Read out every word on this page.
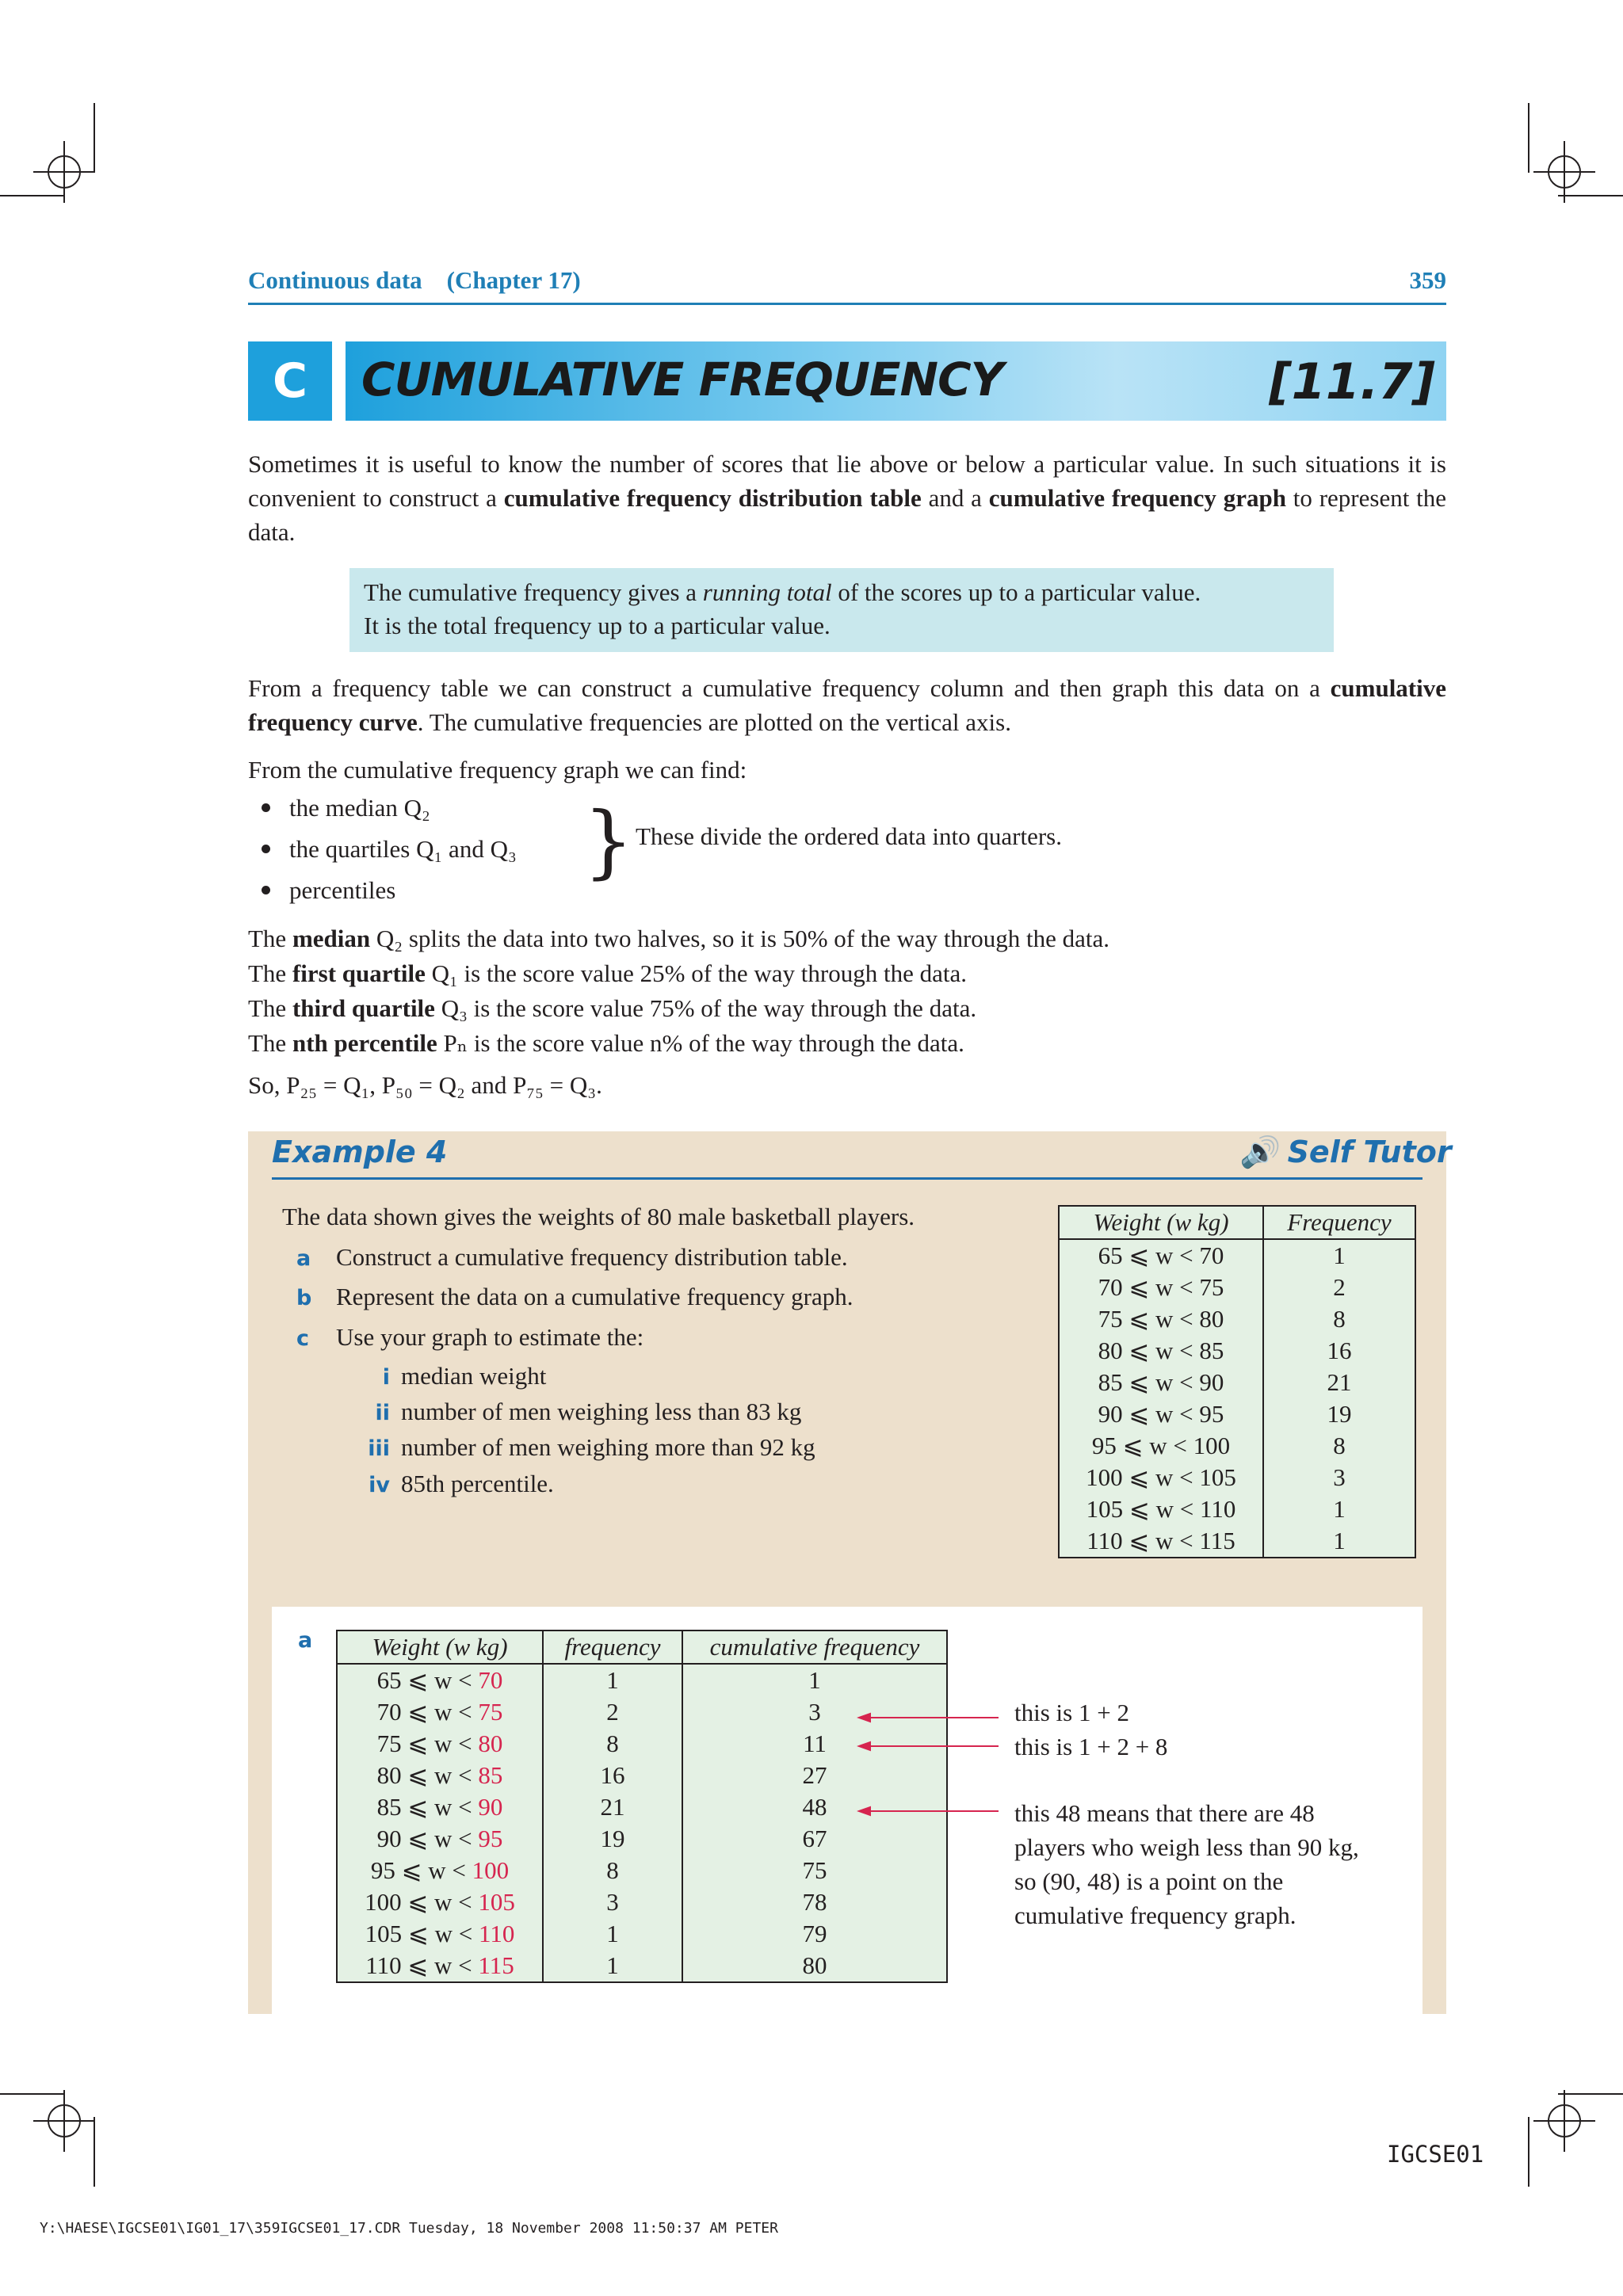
Continuous data    (Chapter 17)	359
C	CUMULATIVE FREQUENCY	[11.7]
Sometimes it is useful to know the number of scores that lie above or below a particular value. In such situations it is convenient to construct a cumulative frequency distribution table and a cumulative frequency graph to represent the data.
The cumulative frequency gives a running total of the scores up to a particular value.
It is the total frequency up to a particular value.
From a frequency table we can construct a cumulative frequency column and then graph this data on a cumulative frequency curve. The cumulative frequencies are plotted on the vertical axis.
From the cumulative frequency graph we can find:
the median Q₂
the quartiles Q₁ and Q₃
percentiles
} These divide the ordered data into quarters.
The median Q₂ splits the data into two halves, so it is 50% of the way through the data.
The first quartile Q₁ is the score value 25% of the way through the data.
The third quartile Q₃ is the score value 75% of the way through the data.
The nth percentile Pₙ is the score value n% of the way through the data.
So, P₂₅ = Q₁, P₅₀ = Q₂ and P₇₅ = Q₃.
Example 4	🔊 Self Tutor
The data shown gives the weights of 80 male basketball players.
a Construct a cumulative frequency distribution table.
b Represent the data on a cumulative frequency graph.
c Use your graph to estimate the:
i median weight
ii number of men weighing less than 83 kg
iii number of men weighing more than 92 kg
iv 85th percentile.
Weight (w kg)	Frequency
65 ⩽ w < 70	1
70 ⩽ w < 75	2
75 ⩽ w < 80	8
80 ⩽ w < 85	16
85 ⩽ w < 90	21
90 ⩽ w < 95	19
95 ⩽ w < 100	8
100 ⩽ w < 105	3
105 ⩽ w < 110	1
110 ⩽ w < 115	1
a Weight (w kg)	frequency	cumulative frequency
65 ⩽ w < 70	1	1
70 ⩽ w < 75	2	3
75 ⩽ w < 80	8	11
80 ⩽ w < 85	16	27
85 ⩽ w < 90	21	48
90 ⩽ w < 95	19	67
95 ⩽ w < 100	8	75
100 ⩽ w < 105	3	78
105 ⩽ w < 110	1	79
110 ⩽ w < 115	1	80
this is 1 + 2
this is 1 + 2 + 8
this 48 means that there are 48
players who weigh less than 90 kg,
so (90, 48) is a point on the
cumulative frequency graph.
IGCSE01
Y:\HAESE\IGCSE01\IG01_17\359IGCSE01_17.CDR Tuesday, 18 November 2008 11:50:37 AM PETER
